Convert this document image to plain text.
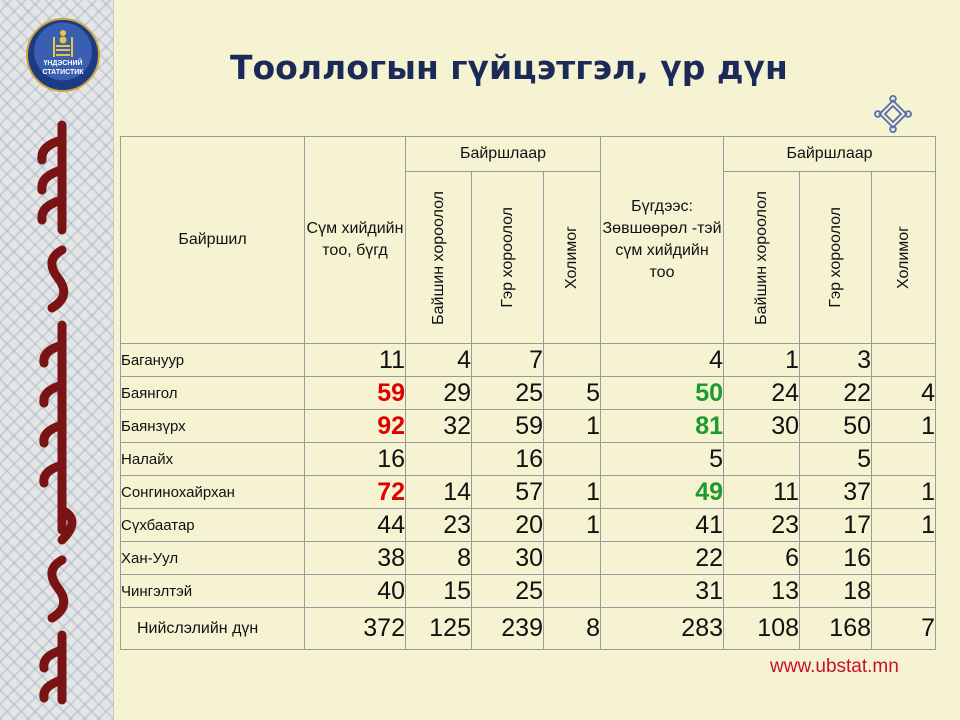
ҮНДЭСНИЙ
СТАТИСТИК	Тооллогын гүйцэтгэл, үр дүн
Байршил	Сүм хийдийн тоо, бүгд	Байршлаар			Бүгдээс: Зөвшөөрөл -тэй сүм хийдийн тоо	Байршлаар		

		Байшин хороолол	Гэр хороолол	Холимог		Байшин хороолол	Гэр хороолол	Холимог

Багануур	11	4	7		4	1	3	
Баянгол	59	29	25	5	50	24	22	4
Баянзүрх	92	32	59	1	81	30	50	1
Налайх	16		16		5		5	
Сонгинохайрхан	72	14	57	1	49	11	37	1
Сүхбаатар	44	23	20	1	41	23	17	1
Хан-Уул	38	8	30		22	6	16	
Чингэлтэй	40	15	25		31	13	18	
Нийслэлийн дүн	372	125	239	8	283	108	168	7
www.ubstat.mn
